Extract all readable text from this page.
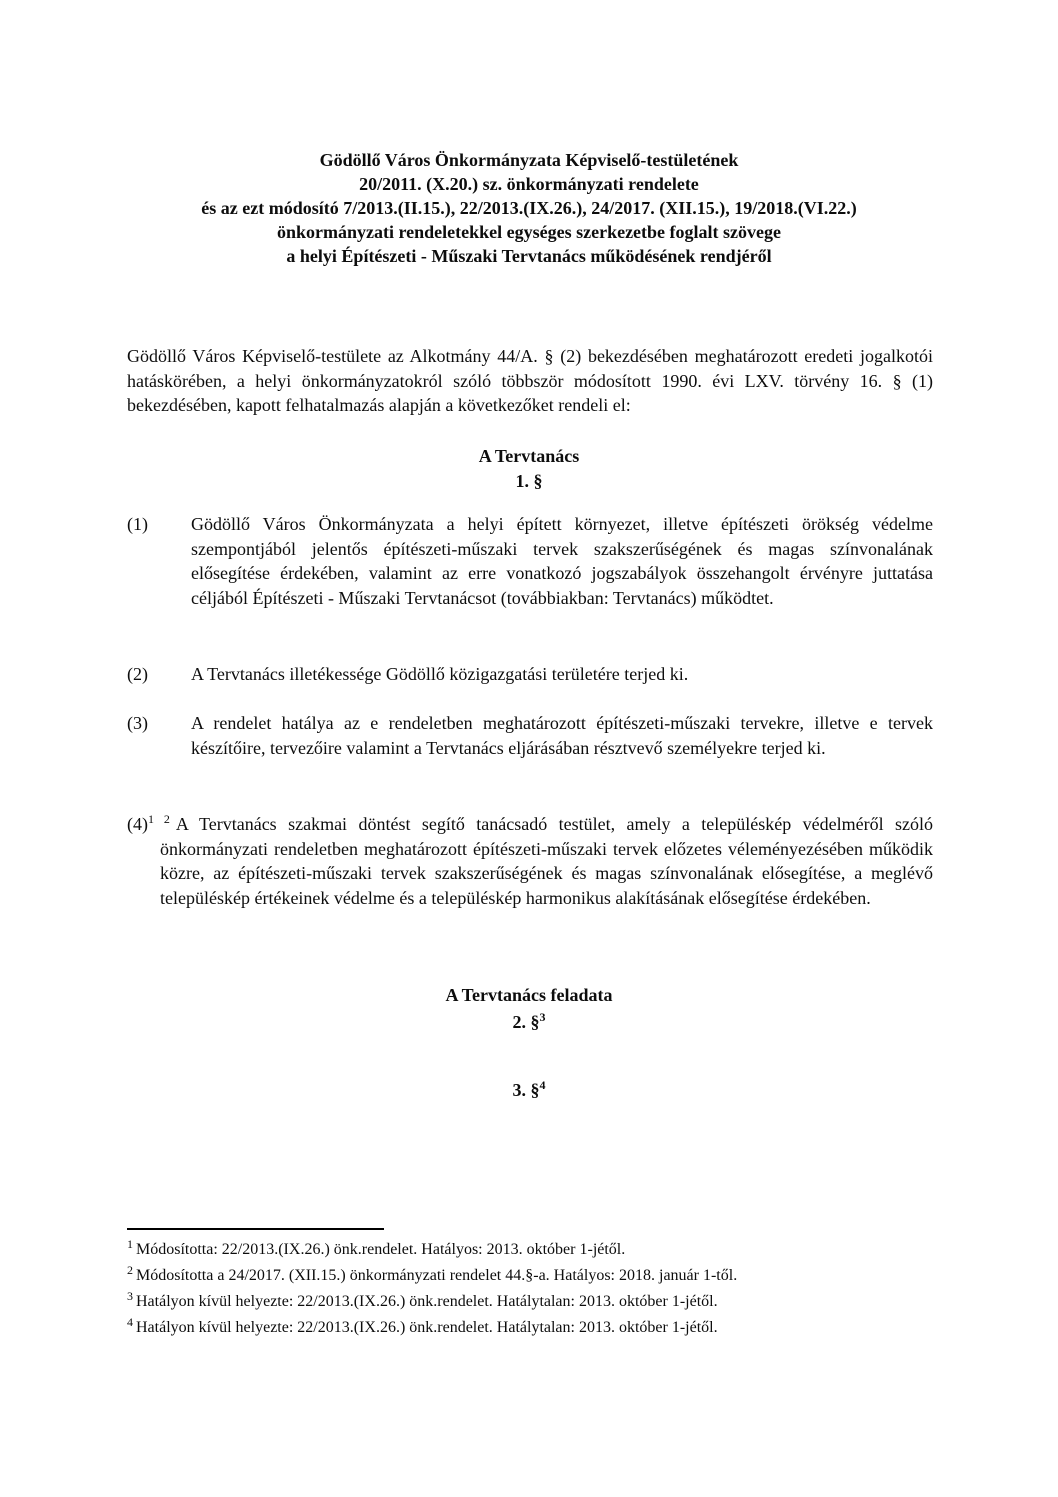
Gödöllő Város Önkormányzata Képviselő-testületének
20/2011. (X.20.) sz. önkormányzati rendelete
és az ezt módosító 7/2013.(II.15.), 22/2013.(IX.26.), 24/2017. (XII.15.), 19/2018.(VI.22.)
önkormányzati rendeletekkel egységes szerkezetbe foglalt szövege
a helyi Építészeti - Műszaki Tervtanács működésének rendjéről

Gödöllő Város Képviselő-testülete az Alkotmány 44/A. § (2) bekezdésében meghatározott eredeti jogalkotói hatáskörében, a helyi önkormányzatokról szóló többször módosított 1990. évi LXV. törvény 16. § (1) bekezdésében, kapott felhatalmazás alapján a következőket rendeli el:

A Tervtanács
1. §
(1) Gödöllő Város Önkormányzata a helyi épített környezet, illetve építészeti örökség védelme szempontjából jelentős építészeti-műszaki tervek szakszerűségének és magas színvonalának elősegítése érdekében, valamint az erre vonatkozó jogszabályok összehangolt érvényre juttatása céljából Építészeti - Műszaki Tervtanácsot (továbbiakban: Tervtanács) működtet.
(2) A Tervtanács illetékessége Gödöllő közigazgatási területére terjed ki.
(3) A rendelet hatálya az e rendeletben meghatározott építészeti-műszaki tervekre, illetve e tervek készítőire, tervezőire valamint a Tervtanács eljárásában résztvevő személyekre terjed ki.
$(4)^{1 2}$ A Tervtanács szakmai döntést segítő tanácsadó testület, amely a településkép védelméről szóló önkormányzati rendeletben meghatározott építészeti-műszaki tervek előzetes véleményezésében működik közre, az építészeti-műszaki tervek szakszerűségének és magas színvonalának elősegítése, a meglévő településkép értékeinek védelme és a településkép harmonikus alakításának elősegítése érdekében.
A Tervtanács feladata
2. §$^3$
3. §$^4$
$^1$ Módosította: 22/2013.(IX.26.) önk.rendelet. Hatályos: 2013. október 1-jétől.
$^2$ Módosította a 24/2017. (XII.15.) önkormányzati rendelet 44.§-a. Hatályos: 2018. január 1-től.
$^3$ Hatályon kívül helyezte: 22/2013.(IX.26.) önk.rendelet. Hatálytalan: 2013. október 1-jétől.
$^4$ Hatályon kívül helyezte: 22/2013.(IX.26.) önk.rendelet. Hatálytalan: 2013. október 1-jétől.
